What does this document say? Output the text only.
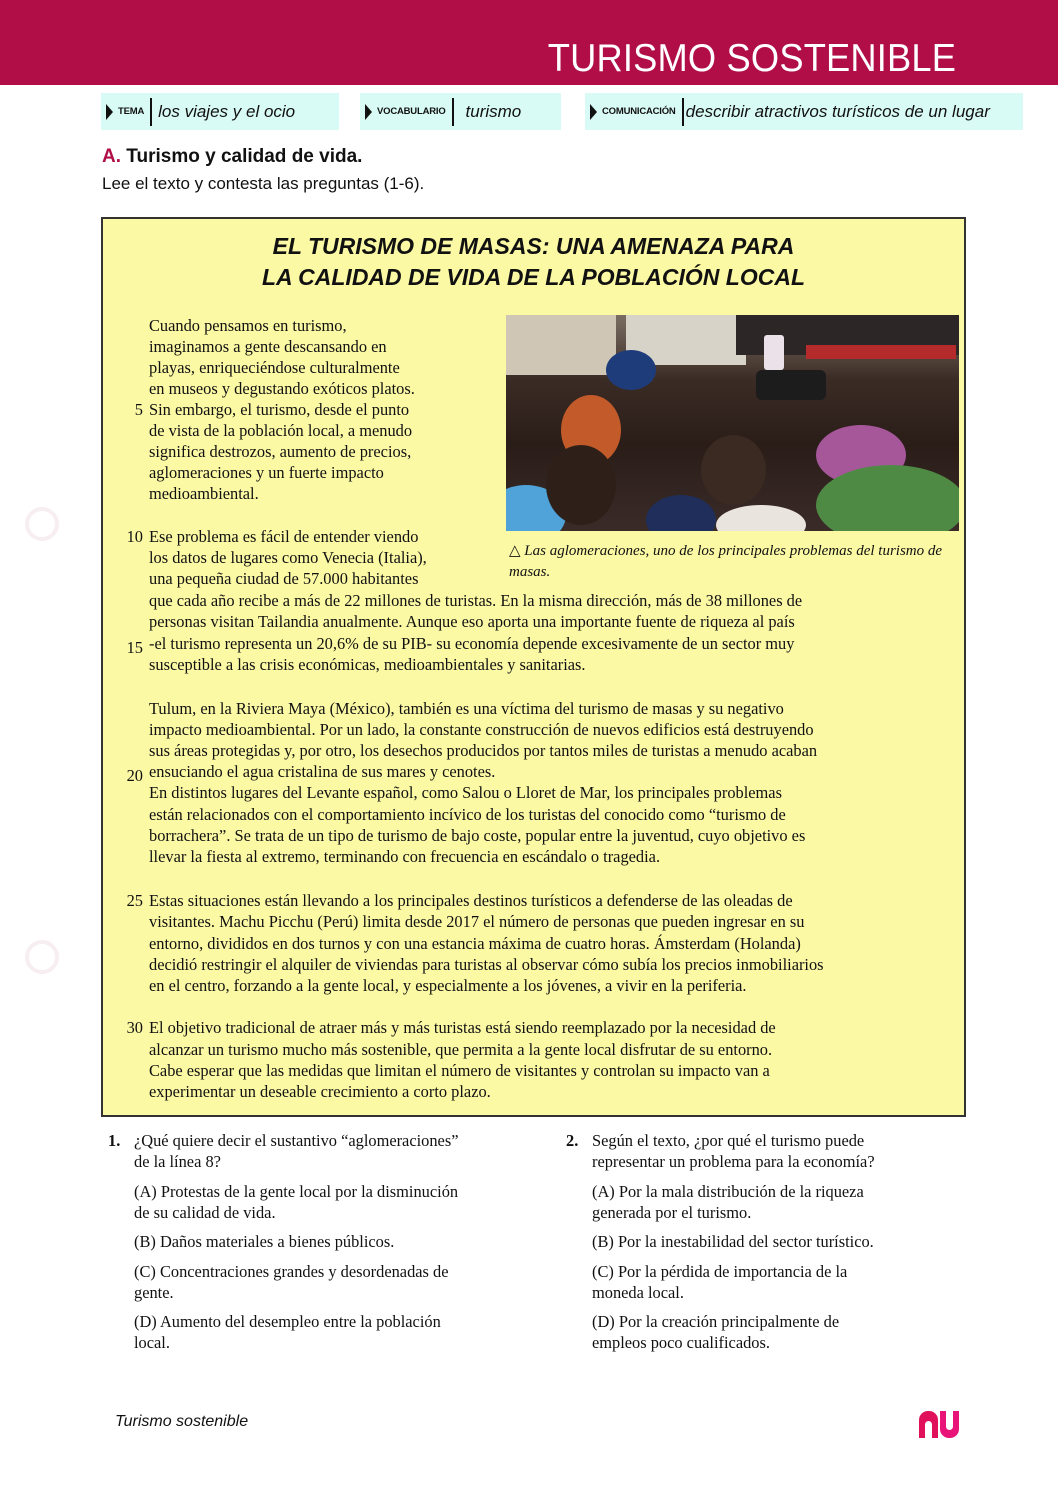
TURISMO SOSTENIBLE
TEMA los viajes y el ocio	VOCABULARIO turismo	COMUNICACIÓN describir atractivos turísticos de un lugar
A. Turismo y calidad de vida.
Lee el texto y contesta las preguntas (1-6).
EL TURISMO DE MASAS: UNA AMENAZA PARA
LA CALIDAD DE VIDA DE LA POBLACIÓN LOCAL
△ Las aglomeraciones, uno de los principales problemas del turismo de masas.
5
10
15
20
25
30
Cuando pensamos en turismo,
imaginamos a gente descansando en
playas, enriqueciéndose culturalmente
en museos y degustando exóticos platos.
Sin embargo, el turismo, desde el punto
de vista de la población local, a menudo
significa destrozos, aumento de precios,
aglomeraciones y un fuerte impacto
medioambiental.
Ese problema es fácil de entender viendo
los datos de lugares como Venecia (Italia),
una pequeña ciudad de 57.000 habitantes
que cada año recibe a más de 22 millones de turistas. En la misma dirección, más de 38 millones de
personas visitan Tailandia anualmente. Aunque eso aporta una importante fuente de riqueza al país
-el turismo representa un 20,6% de su PIB- su economía depende excesivamente de un sector muy
susceptible a las crisis económicas, medioambientales y sanitarias.
Tulum, en la Riviera Maya (México), también es una víctima del turismo de masas y su negativo
impacto medioambiental. Por un lado, la constante construcción de nuevos edificios está destruyendo
sus áreas protegidas y, por otro, los desechos producidos por tantos miles de turistas a menudo acaban
ensuciando el agua cristalina de sus mares y cenotes.
En distintos lugares del Levante español, como Salou o Lloret de Mar, los principales problemas
están relacionados con el comportamiento incívico de los turistas del conocido como “turismo de
borrachera”. Se trata de un tipo de turismo de bajo coste, popular entre la juventud, cuyo objetivo es
llevar la fiesta al extremo, terminando con frecuencia en escándalo o tragedia.
Estas situaciones están llevando a los principales destinos turísticos a defenderse de las oleadas de
visitantes. Machu Picchu (Perú) limita desde 2017 el número de personas que pueden ingresar en su
entorno, divididos en dos turnos y con una estancia máxima de cuatro horas. Ámsterdam (Holanda)
decidió restringir el alquiler de viviendas para turistas al observar cómo subía los precios inmobiliarios
en el centro, forzando a la gente local, y especialmente a los jóvenes, a vivir en la periferia.
El objetivo tradicional de atraer más y más turistas está siendo reemplazado por la necesidad de
alcanzar un turismo mucho más sostenible, que permita a la gente local disfrutar de su entorno.
Cabe esperar que las medidas que limitan el número de visitantes y controlan su impacto van a
experimentar un deseable crecimiento a corto plazo.
1. ¿Qué quiere decir el sustantivo “aglomeraciones”
de la línea 8?
(A) Protestas de la gente local por la disminución
de su calidad de vida.
(B) Daños materiales a bienes públicos.
(C) Concentraciones grandes y desordenadas de
gente.
(D) Aumento del desempleo entre la población
local.
2. Según el texto, ¿por qué el turismo puede
representar un problema para la economía?
(A) Por la mala distribución de la riqueza
generada por el turismo.
(B) Por la inestabilidad del sector turístico.
(C) Por la pérdida de importancia de la
moneda local.
(D) Por la creación principalmente de
empleos poco cualificados.
Turismo sostenible
